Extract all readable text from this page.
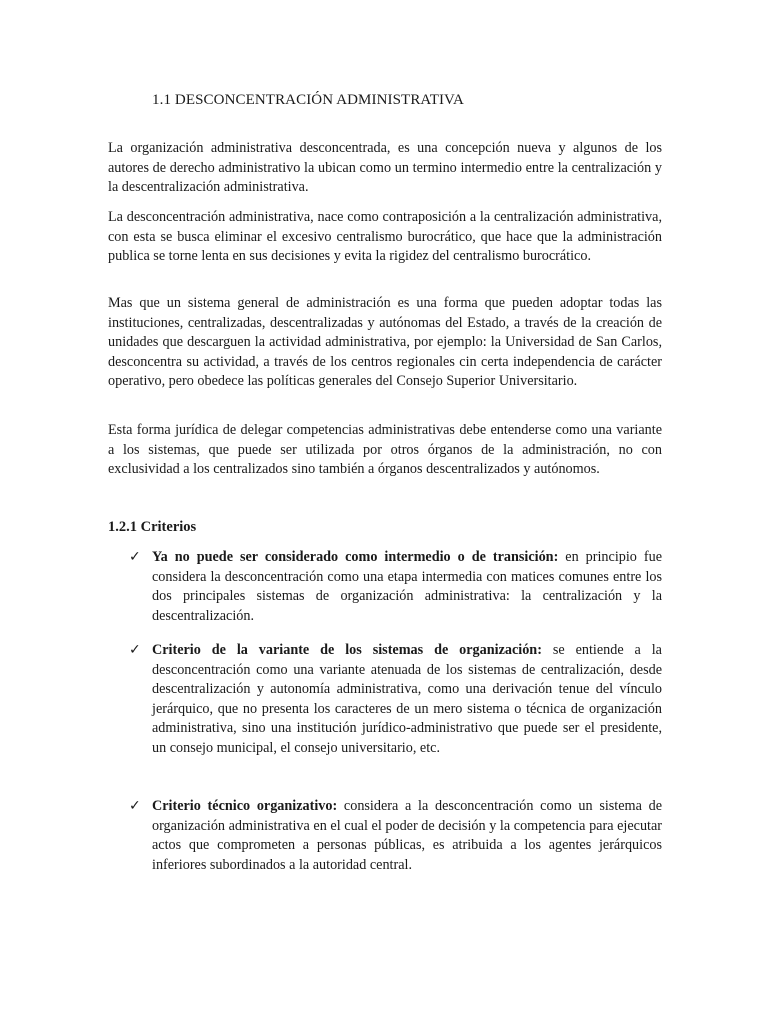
1.1 DESCONCENTRACIÓN ADMINISTRATIVA

La organización administrativa desconcentrada, es una concepción nueva y algunos de los autores de derecho administrativo la ubican como un termino intermedio entre la centralización y la descentralización administrativa.

La desconcentración administrativa, nace como contraposición a la centralización administrativa, con esta se busca eliminar el excesivo centralismo burocrático, que hace que la administración publica se torne lenta en sus decisiones y evita la rigidez del centralismo burocrático.

Mas que un sistema general de administración es una forma que pueden adoptar todas las instituciones, centralizadas, descentralizadas y autónomas del Estado, a través de la creación de unidades que descarguen la actividad administrativa, por ejemplo: la Universidad de San Carlos, desconcentra su actividad, a través de los centros regionales cin certa independencia de carácter operativo, pero obedece las políticas generales del Consejo Superior Universitario.

Esta forma jurídica de delegar competencias administrativas debe entenderse como una variante a los sistemas, que puede ser utilizada por otros órganos de la administración, no con exclusividad a los centralizados sino también a órganos descentralizados y autónomos.

1.2.1 Criterios
✓ Ya no puede ser considerado como intermedio o de transición: en principio fue considera la desconcentración como una etapa intermedia con matices comunes entre los dos principales sistemas de organización administrativa: la centralización y la descentralización.

✓ Criterio de la variante de los sistemas de organización: se entiende a la desconcentración como una variante atenuada de los sistemas de centralización, desde descentralización y autonomía administrativa, como una derivación tenue del vínculo jerárquico, que no presenta los caracteres de un mero sistema o técnica de organización administrativa, sino una institución jurídico-administrativo que puede ser el presidente, un consejo municipal, el consejo universitario, etc.

✓ Criterio técnico organizativo: considera a la desconcentración como un sistema de organización administrativa en el cual el poder de decisión y la competencia para ejecutar actos que comprometen a personas públicas, es atribuida a los agentes jerárquicos inferiores subordinados a la autoridad central.
